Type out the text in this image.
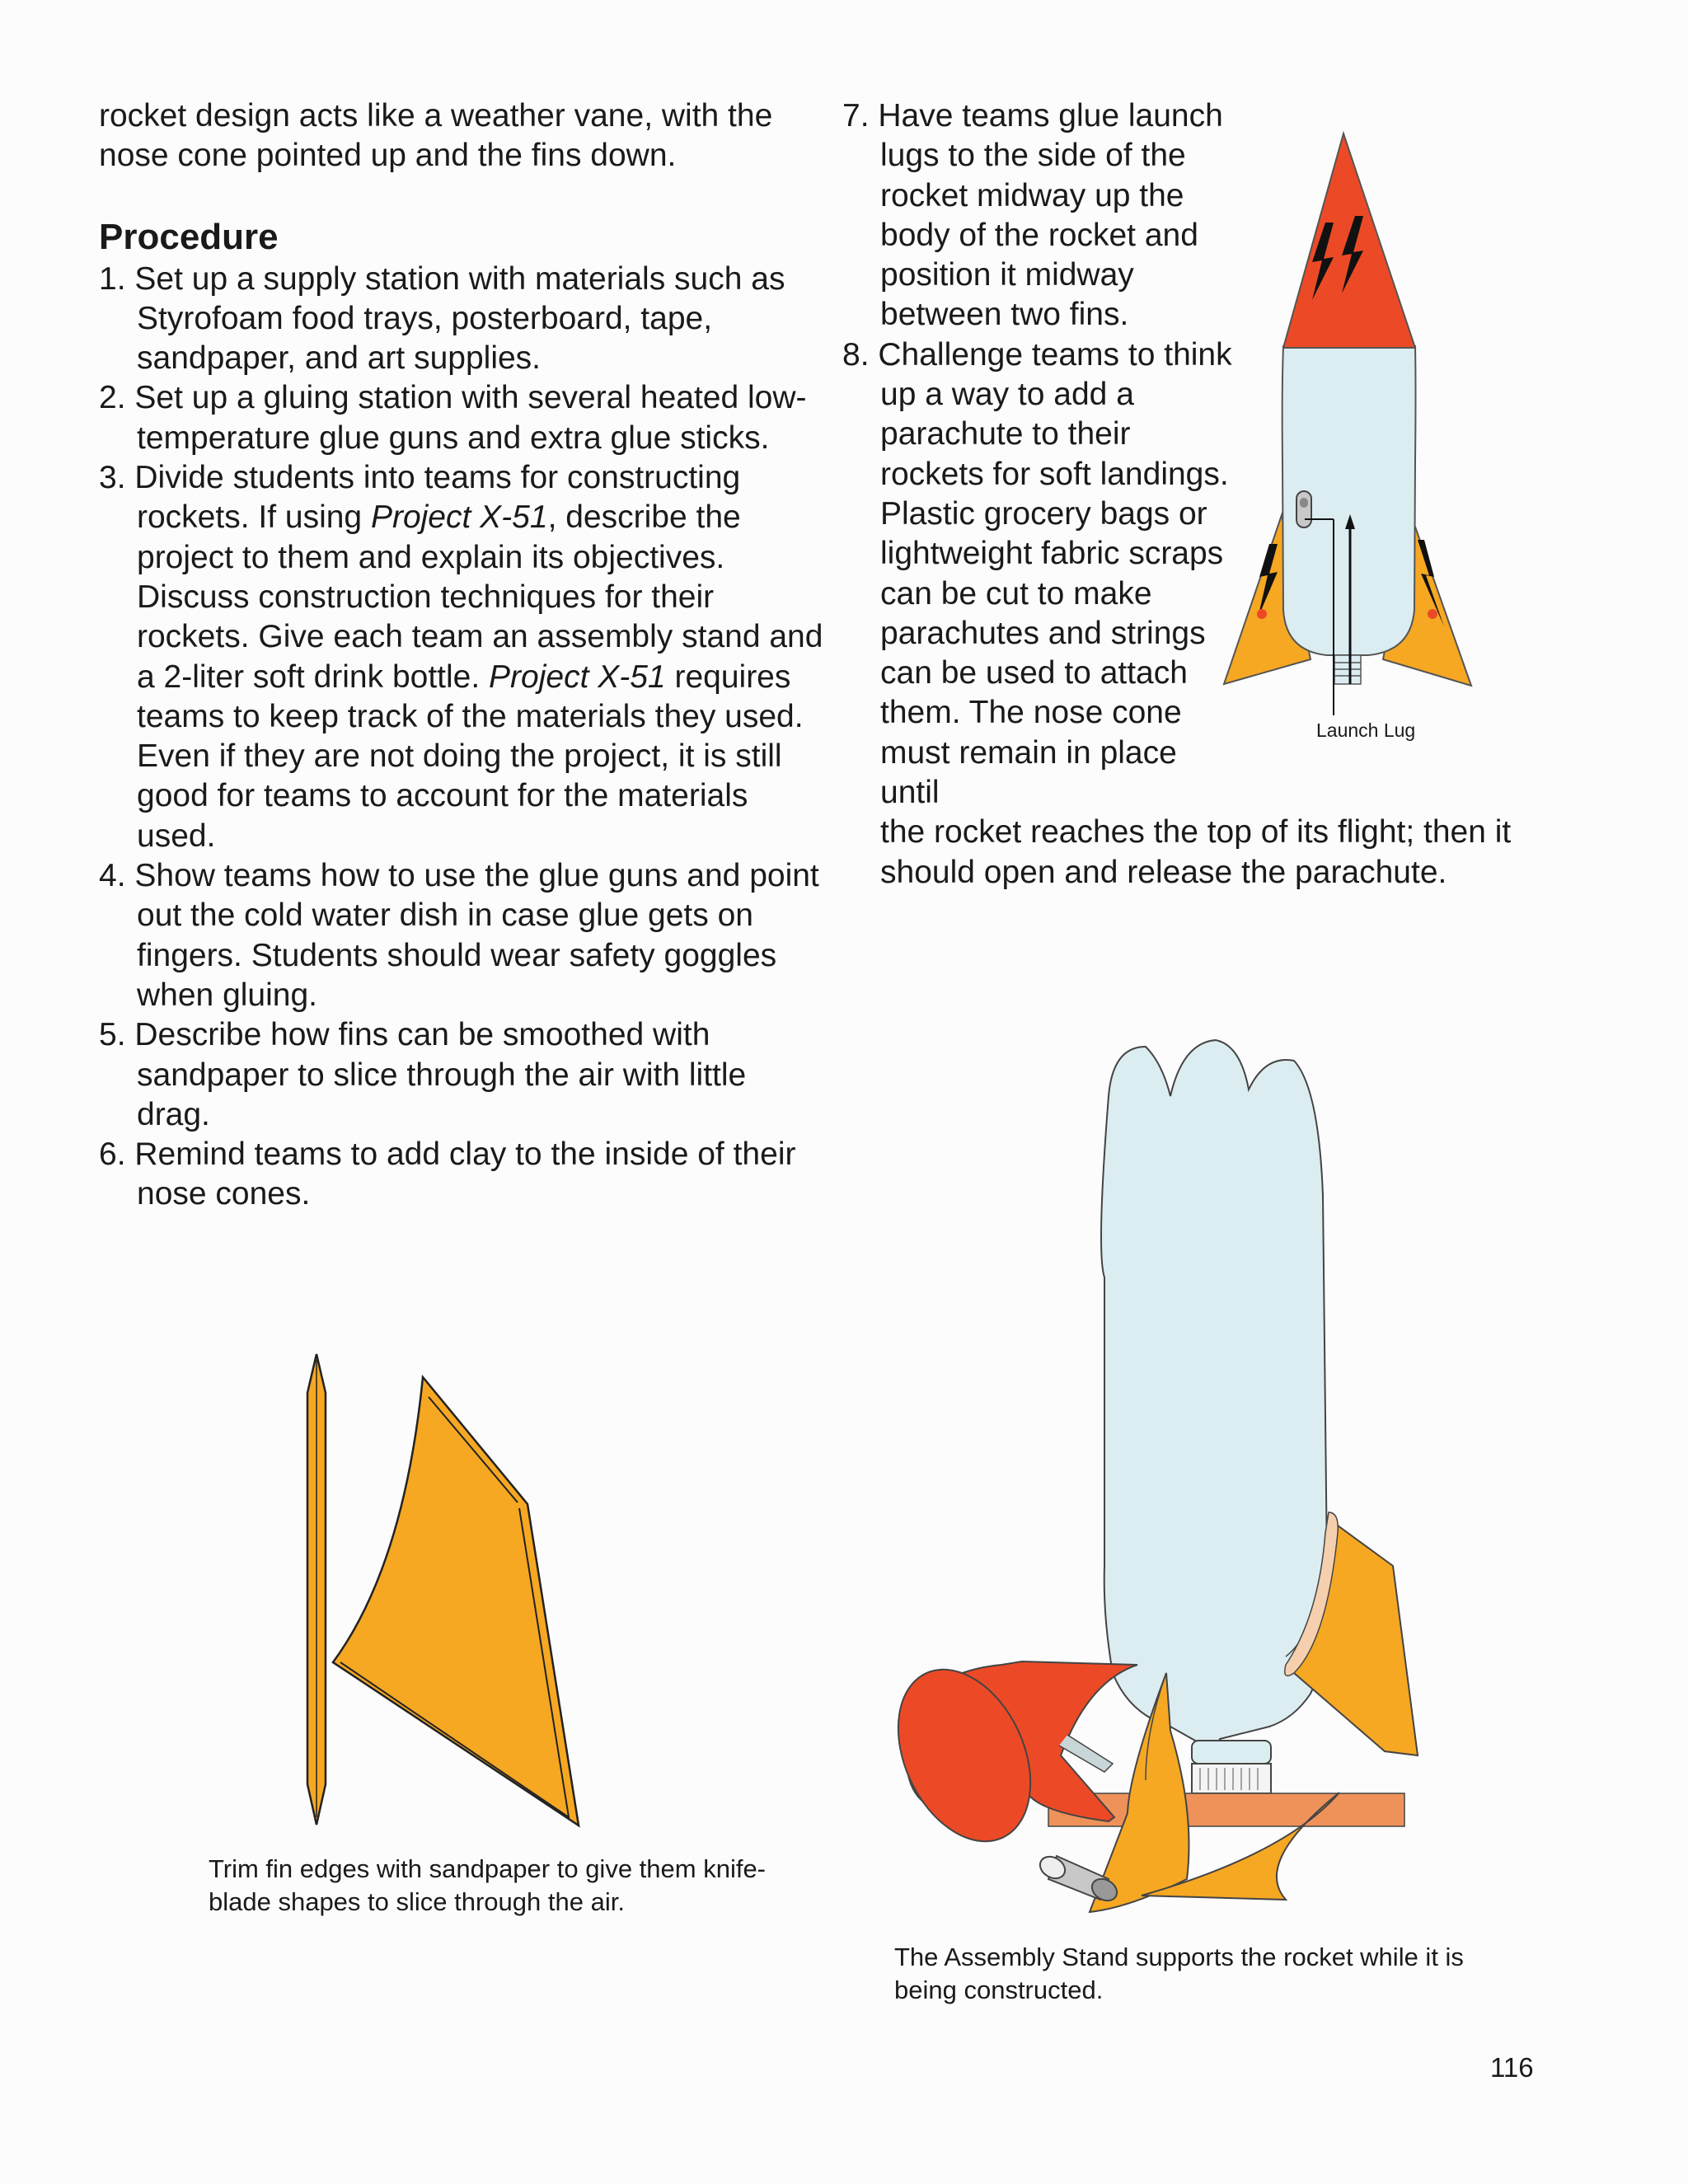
rocket design acts like a weather vane, with the nose cone pointed up and the fins down.

Procedure
1. Set up a supply station with materials such as Styrofoam food trays, posterboard, tape, sandpaper, and art supplies.
2. Set up a gluing station with several heated low-temperature glue guns and extra glue sticks.
3. Divide students into teams for constructing rockets. If using Project X-51, describe the project to them and explain its objectives. Discuss construction techniques for their rockets. Give each team an assembly stand and a 2-liter soft drink bottle. Project X-51 requires teams to keep track of the materials they used. Even if they are not doing the project, it is still good for teams to account for the materials used.
4. Show teams how to use the glue guns and point out the cold water dish in case glue gets on fingers. Students should wear safety goggles when gluing.
5. Describe how fins can be smoothed with sandpaper to slice through the air with little drag.
6. Remind teams to add clay to the inside of their nose cones.
7. Have teams glue launch lugs to the side of the rocket midway up the body of the rocket and position it midway between two fins.
8. Challenge teams to think up a way to add a parachute to their rockets for soft landings. Plastic grocery bags or lightweight fabric scraps can be cut to make parachutes and strings can be used to attach them. The nose cone must remain in place until
the rocket reaches the top of its flight; then it should open and release the parachute.
Launch Lug
Trim fin edges with sandpaper to give them knife-blade shapes to slice through the air.
The Assembly Stand supports the rocket while it is being constructed.
116
